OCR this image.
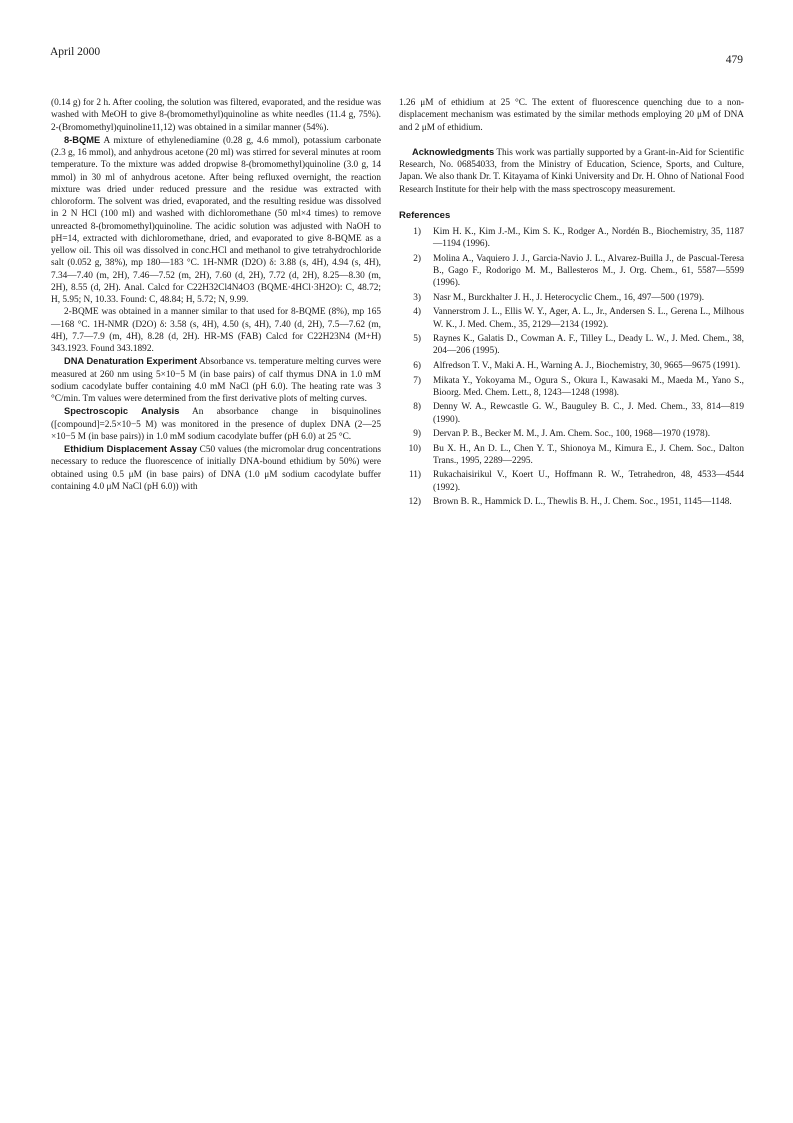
April 2000
479

(0.14 g) for 2 h. After cooling, the solution was filtered, evaporated, and the residue was washed with MeOH to give 8-(bromomethyl)quinoline as white needles (11.4 g, 75%). 2-(Bromomethyl)quinoline11,12) was obtained in a similar manner (54%).

8-BQME A mixture of ethylenediamine (0.28 g, 4.6 mmol), potassium carbonate (2.3 g, 16 mmol), and anhydrous acetone (20 ml) was stirred for several minutes at room temperature. To the mixture was added dropwise 8-(bromomethyl)quinoline (3.0 g, 14 mmol) in 30 ml of anhydrous acetone. After being refluxed overnight, the reaction mixture was dried under reduced pressure and the residue was extracted with chloroform. The solvent was dried, evaporated, and the resulting residue was dissolved in 2 N HCl (100 ml) and washed with dichloromethane (50 ml×4 times) to remove unreacted 8-(bromomethyl)quinoline. The acidic solution was adjusted with NaOH to pH=14, extracted with dichloromethane, dried, and evaporated to give 8-BQME as a yellow oil. This oil was dissolved in conc.HCl and methanol to give tetrahydrochloride salt (0.052 g, 38%), mp 180—183 °C. 1H-NMR (D2O) δ: 3.88 (s, 4H), 4.94 (s, 4H), 7.34—7.40 (m, 2H), 7.46—7.52 (m, 2H), 7.60 (d, 2H), 7.72 (d, 2H), 8.25—8.30 (m, 2H), 8.55 (d, 2H). Anal. Calcd for C22H32Cl4N4O3 (BQME·4HCl·3H2O): C, 48.72; H, 5.95; N, 10.33. Found: C, 48.84; H, 5.72; N, 9.99.

2-BQME was obtained in a manner similar to that used for 8-BQME (8%), mp 165—168 °C. 1H-NMR (D2O) δ: 3.58 (s, 4H), 4.50 (s, 4H), 7.40 (d, 2H), 7.5—7.62 (m, 4H), 7.7—7.9 (m, 4H), 8.28 (d, 2H). HR-MS (FAB) Calcd for C22H23N4 (M+H) 343.1923. Found 343.1892.

DNA Denaturation Experiment Absorbance vs. temperature melting curves were measured at 260 nm using 5×10−5 M (in base pairs) of calf thymus DNA in 1.0 mM sodium cacodylate buffer containing 4.0 mM NaCl (pH 6.0). The heating rate was 3 °C/min. Tm values were determined from the first derivative plots of melting curves.

Spectroscopic Analysis An absorbance change in bisquinolines ([compound]=2.5×10−5 M) was monitored in the presence of duplex DNA (2—25 ×10−5 M (in base pairs)) in 1.0 mM sodium cacodylate buffer (pH 6.0) at 25 °C.

Ethidium Displacement Assay C50 values (the micromolar drug concentrations necessary to reduce the fluorescence of initially DNA-bound ethidium by 50%) were obtained using 0.5 μM (in base pairs) of DNA (1.0 μM sodium cacodylate buffer containing 4.0 μM NaCl (pH 6.0)) with

1.26 μM of ethidium at 25 °C. The extent of fluorescence quenching due to a non-displacement mechanism was estimated by the similar methods employing 20 μM of DNA and 2 μM of ethidium.

Acknowledgments This work was partially supported by a Grant-in-Aid for Scientific Research, No. 06854033, from the Ministry of Education, Science, Sports, and Culture, Japan. We also thank Dr. T. Kitayama of Kinki University and Dr. H. Ohno of National Food Research Institute for their help with the mass spectroscopy measurement.

References
1) Kim H. K., Kim J.-M., Kim S. K., Rodger A., Nordén B., Biochemistry, 35, 1187—1194 (1996).
2) Molina A., Vaquiero J. J., Garcia-Navio J. L., Alvarez-Builla J., de Pascual-Teresa B., Gago F., Rodorigo M. M., Ballesteros M., J. Org. Chem., 61, 5587—5599 (1996).
3) Nasr M., Burckhalter J. H., J. Heterocyclic Chem., 16, 497—500 (1979).
4) Vannerstrom J. L., Ellis W. Y., Ager, A. L., Jr., Andersen S. L., Gerena L., Milhous W. K., J. Med. Chem., 35, 2129—2134 (1992).
5) Raynes K., Galatis D., Cowman A. F., Tilley L., Deady L. W., J. Med. Chem., 38, 204—206 (1995).
6) Alfredson T. V., Maki A. H., Warning A. J., Biochemistry, 30, 9665—9675 (1991).
7) Mikata Y., Yokoyama M., Ogura S., Okura I., Kawasaki M., Maeda M., Yano S., Bioorg. Med. Chem. Lett., 8, 1243—1248 (1998).
8) Denny W. A., Rewcastle G. W., Bauguley B. C., J. Med. Chem., 33, 814—819 (1990).
9) Dervan P. B., Becker M. M., J. Am. Chem. Soc., 100, 1968—1970 (1978).
10) Bu X. H., An D. L., Chen Y. T., Shionoya M., Kimura E., J. Chem. Soc., Dalton Trans., 1995, 2289—2295.
11) Rukachaisirikul V., Koert U., Hoffmann R. W., Tetrahedron, 48, 4533—4544 (1992).
12) Brown B. R., Hammick D. L., Thewlis B. H., J. Chem. Soc., 1951, 1145—1148.
